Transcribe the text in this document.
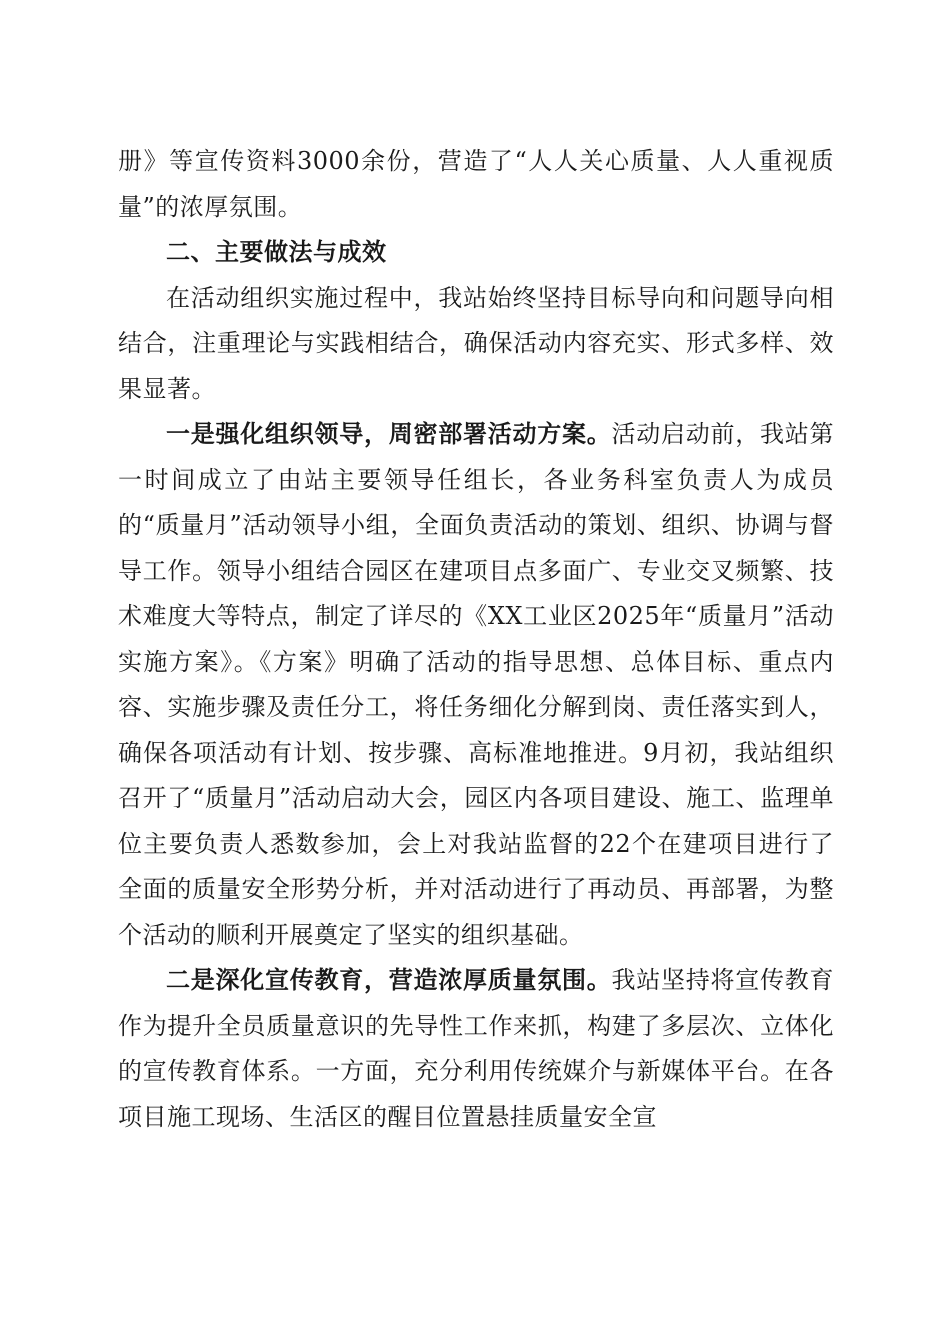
册》等宣传资料3000余份，营造了“人人关心质量、人人重视质量”的浓厚氛围。

二、主要做法与成效

在活动组织实施过程中，我站始终坚持目标导向和问题导向相结合，注重理论与实践相结合，确保活动内容充实、形式多样、效果显著。

一是强化组织领导，周密部署活动方案。活动启动前，我站第一时间成立了由站主要领导任组长，各业务科室负责人为成员的“质量月”活动领导小组，全面负责活动的策划、组织、协调与督导工作。领导小组结合园区在建项目点多面广、专业交叉频繁、技术难度大等特点，制定了详尽的《XX工业区2025年“质量月”活动实施方案》。《方案》明确了活动的指导思想、总体目标、重点内容、实施步骤及责任分工，将任务细化分解到岗、责任落实到人，确保各项活动有计划、按步骤、高标准地推进。9月初，我站组织召开了“质量月”活动启动大会，园区内各项目建设、施工、监理单位主要负责人悉数参加，会上对我站监督的22个在建项目进行了全面的质量安全形势分析，并对活动进行了再动员、再部署，为整个活动的顺利开展奠定了坚实的组织基础。

二是深化宣传教育，营造浓厚质量氛围。我站坚持将宣传教育作为提升全员质量意识的先导性工作来抓，构建了多层次、立体化的宣传教育体系。一方面，充分利用传统媒介与新媒体平台。在各项目施工现场、生活区的醒目位置悬挂质量安全宣
